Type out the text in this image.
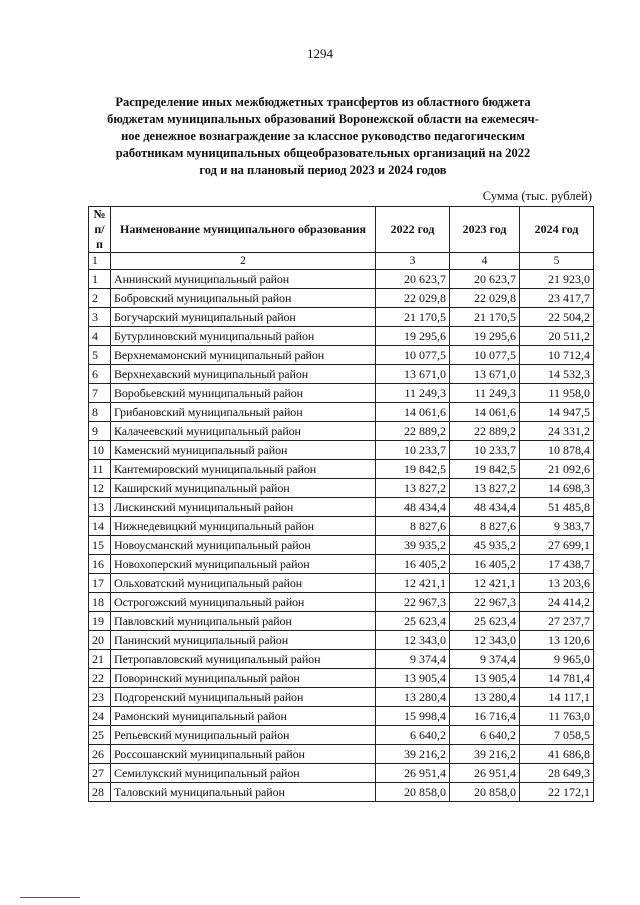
1294
Распределение иных межбюджетных трансфертов из областного бюджета
бюджетам муниципальных образований Воронежской области на ежемесяч-
ное денежное вознаграждение за классное руководство педагогическим
работникам муниципальных общеобразовательных организаций на 2022
год и на плановый период 2023 и 2024 годов
Сумма (тыс. рублей)
№ п/п	Наименование муниципального образования	2022 год	2023 год	2024 год
1	2	3	4	5
1	Аннинский муниципальный район	20 623,7	20 623,7	21 923,0
2	Бобровский муниципальный район	22 029,8	22 029,8	23 417,7
3	Богучарский муниципальный район	21 170,5	21 170,5	22 504,2
4	Бутурлиновский муниципальный район	19 295,6	19 295,6	20 511,2
5	Верхнемамонский муниципальный район	10 077,5	10 077,5	10 712,4
6	Верхнехавский муниципальный район	13 671,0	13 671,0	14 532,3
7	Воробьевский муниципальный район	11 249,3	11 249,3	11 958,0
8	Грибановский муниципальный район	14 061,6	14 061,6	14 947,5
9	Калачеевский муниципальный район	22 889,2	22 889,2	24 331,2
10	Каменский муниципальный район	10 233,7	10 233,7	10 878,4
11	Кантемировский муниципальный район	19 842,5	19 842,5	21 092,6
12	Каширский муниципальный район	13 827,2	13 827,2	14 698,3
13	Лискинский муниципальный район	48 434,4	48 434,4	51 485,8
14	Нижнедевицкий муниципальный район	8 827,6	8 827,6	9 383,7
15	Новоусманский муниципальный район	39 935,2	45 935,2	27 699,1
16	Новохоперский муниципальный район	16 405,2	16 405,2	17 438,7
17	Ольховатский муниципальный район	12 421,1	12 421,1	13 203,6
18	Острогожский муниципальный район	22 967,3	22 967,3	24 414,2
19	Павловский муниципальный район	25 623,4	25 623,4	27 237,7
20	Панинский муниципальный район	12 343,0	12 343,0	13 120,6
21	Петропавловский муниципальный район	9 374,4	9 374,4	9 965,0
22	Поворинский муниципальный район	13 905,4	13 905,4	14 781,4
23	Подгоренский муниципальный район	13 280,4	13 280,4	14 117,1
24	Рамонский муниципальный район	15 998,4	16 716,4	11 763,0
25	Репьевский муниципальный район	6 640,2	6 640,2	7 058,5
26	Россошанский муниципальный район	39 216,2	39 216,2	41 686,8
27	Семилукский муниципальный район	26 951,4	26 951,4	28 649,3
28	Таловский муниципальный район	20 858,0	20 858,0	22 172,1
